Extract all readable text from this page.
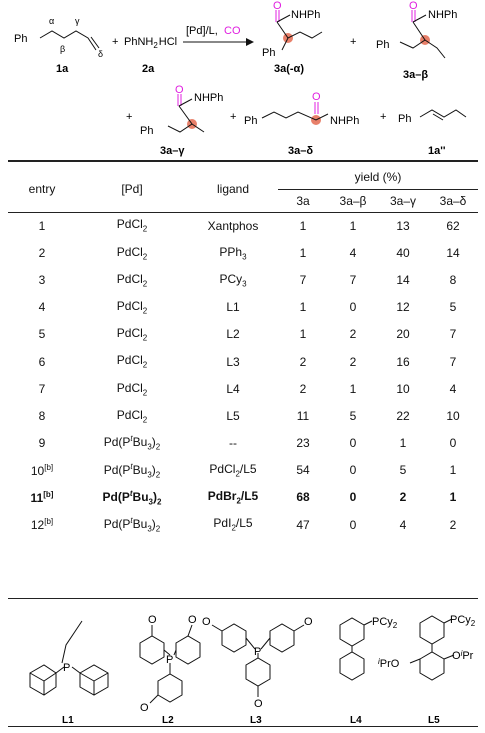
Ph
α
β
γ
δ
1a
+ PhNH$_2$HCl
2a
[Pd]/L, CO
O
NHPh
Ph
3a(-α)
+
O
NHPh
Ph
3a–β
+
O
NHPh
Ph
3a–γ
+
O
NHPh
Ph
3a–δ
+ Ph
1a''
entry	[Pd]	ligand	yield (%)			
			3a	3a–β	3a–γ	3a–δ
1	PdCl$_2$	Xantphos	1	1	13	62
2	PdCl$_2$	PPh$_3$	1	4	40	14
3	PdCl$_2$	PCy$_3$	7	7	14	8
4	PdCl$_2$	L1	1	0	12	5
5	PdCl$_2$	L2	1	2	20	7
6	PdCl$_2$	L3	2	2	16	7
7	PdCl$_2$	L4	2	1	10	4
8	PdCl$_2$	L5	11	5	22	10
9	$Pd(P^tBu_3)_2$	--	23	0	1	0
10[b]	$Pd(P^tBu_3)_2$	PdCl$_2$/L5	54	0	5	1
11[b]	$Pd(P^tBu_3)_2$	PdBr$_2$/L5	68	0	2	1
12[b]	$Pd(P^tBu_3)_2$	PdI$_2$/L5	47	0	4	2
P
L1
P
O	O
O
L2
P
O	O
O
L3
PCy$_2$
L4
PCy$_2$
$^i$PrO
$O^iPr$
L5
